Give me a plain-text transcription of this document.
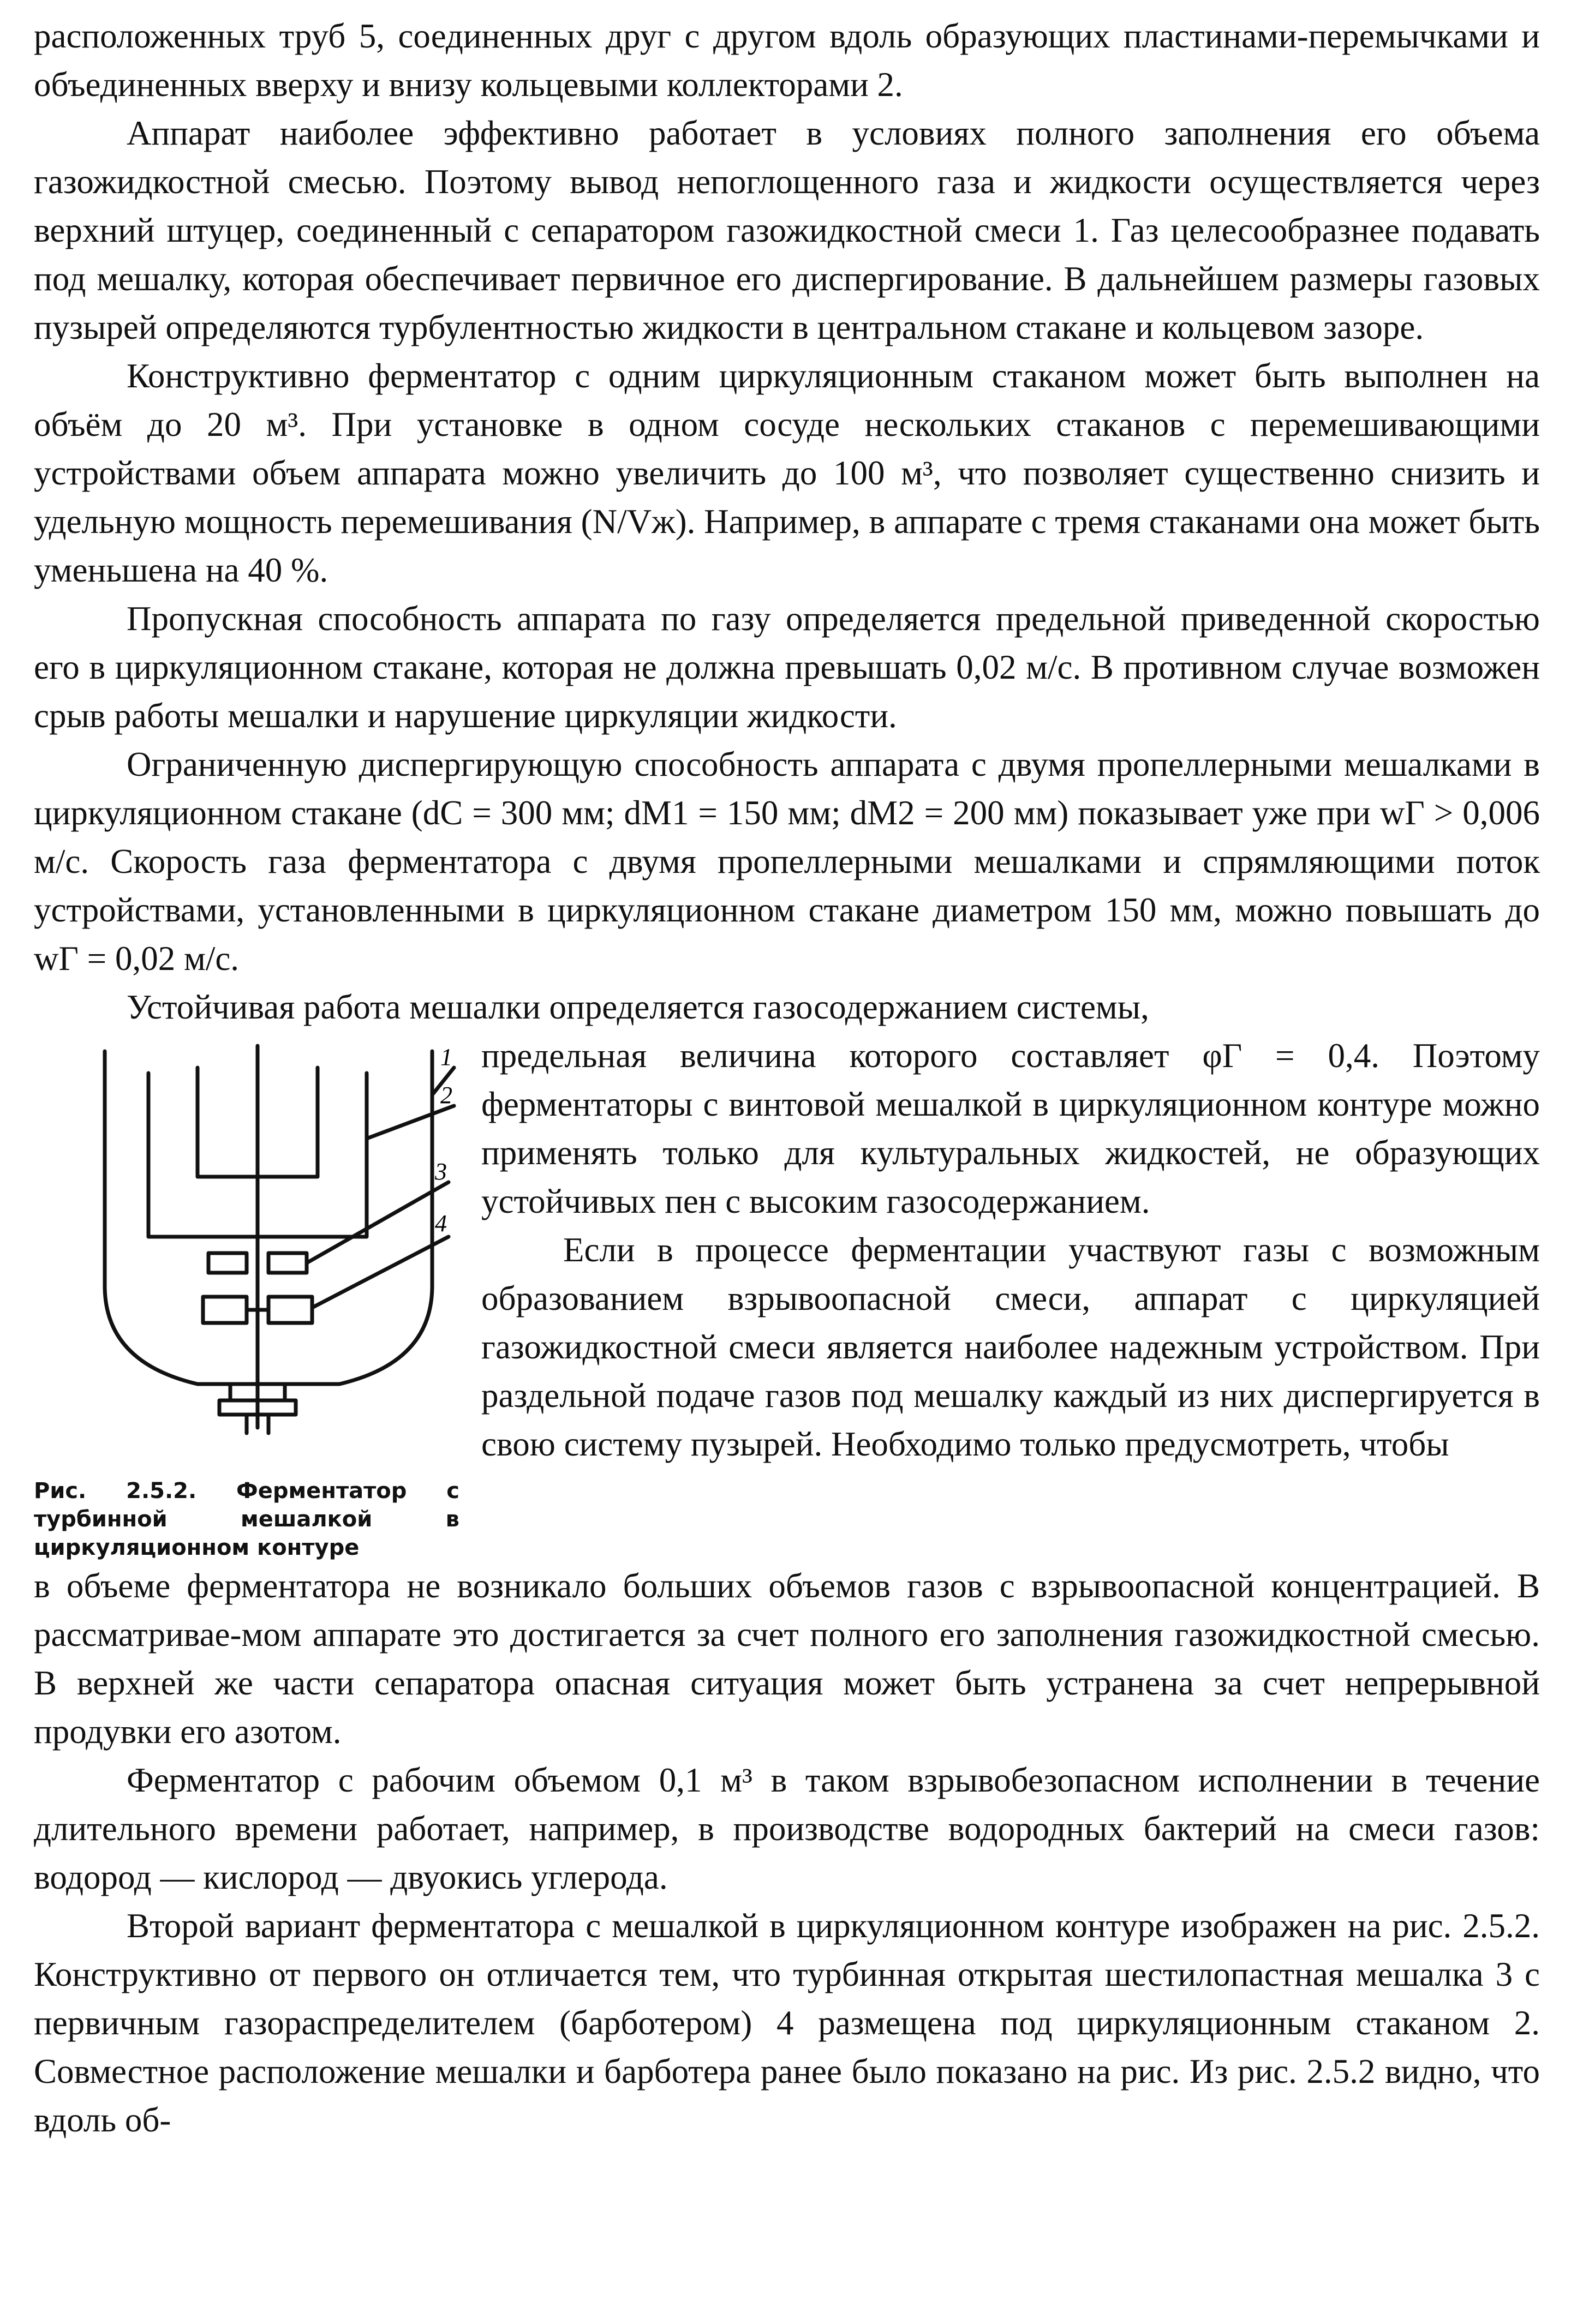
расположенных труб 5, соединенных друг с другом вдоль образующих пластинами-перемычками и объединенных вверху и внизу кольцевыми коллекторами 2.

Аппарат наиболее эффективно работает в условиях полного заполнения его объема газожидкостной смесью. Поэтому вывод непоглощенного газа и жидкости осуществляется через верхний штуцер, соединенный с сепаратором газожидкостной смеси 1. Газ целесообразнее подавать под мешалку, которая обеспечивает первичное его диспергирование. В дальнейшем размеры газовых пузырей определяются турбулентностью жидкости в центральном стакане и кольцевом зазоре.

Конструктивно ферментатор с одним циркуляционным стаканом может быть выполнен на объём до 20 м³. При установке в одном сосуде нескольких стаканов с перемешивающими устройствами объем аппарата можно увеличить до 100 м³, что позволяет существенно снизить и удельную мощность перемешивания (N/Vж). Например, в аппарате с тремя стаканами она может быть уменьшена на 40 %.

Пропускная способность аппарата по газу определяется предельной приведенной скоростью его в циркуляционном стакане, которая не должна превышать 0,02 м/с. В противном случае возможен срыв работы мешалки и нарушение циркуляции жидкости.

Ограниченную диспергирующую способность аппарата с двумя пропеллерными мешалками в циркуляционном стакане (dC = 300 мм; dM1 = 150 мм; dM2 = 200 мм) показывает уже при wГ > 0,006 м/с. Скорость газа ферментатора с двумя пропеллерными мешалками и спрямляющими поток устройствами, установленными в циркуляционном стакане диаметром 150 мм, можно повышать до wГ = 0,02 м/с.

Устойчивая работа мешалки определяется газосодержанием системы,

1
2
3
4
Рис. 2.5.2. Ферментатор с
турбинной мешалкой в
циркуляционном контуре

предельная величина которого составляет φГ = 0,4. Поэтому ферментаторы с винтовой мешалкой в циркуляционном контуре можно применять только для культуральных жидкостей, не образующих устойчивых пен с высоким газосодержанием.

Если в процессе ферментации участвуют газы с возможным образованием взрывоопасной смеси, аппарат с циркуляцией газожидкостной смеси является наиболее надежным устройством. При раздельной подаче газов под мешалку каждый из них диспергируется в свою систему пузырей. Необходимо только предусмотреть, чтобы

в объеме ферментатора не возникало больших объемов газов с взрывоопасной концентрацией. В рассматривае-мом аппарате это достигается за счет полного его заполнения газожидкостной смесью. В верхней же части сепаратора опасная ситуация может быть устранена за счет непрерывной продувки его азотом.

Ферментатор с рабочим объемом 0,1 м³ в таком взрывобезопасном исполнении в течение длительного времени работает, например, в производстве водородных бактерий на смеси газов: водород — кислород — двуокись углерода.

Второй вариант ферментатора с мешалкой в циркуляционном контуре изображен на рис. 2.5.2. Конструктивно от первого он отличается тем, что турбинная открытая шестилопастная мешалка 3 с первичным газораспределителем (барботером) 4 размещена под циркуляционным стаканом 2. Совместное расположение мешалки и барботера ранее было показано на рис. Из рис. 2.5.2 видно, что вдоль об-
